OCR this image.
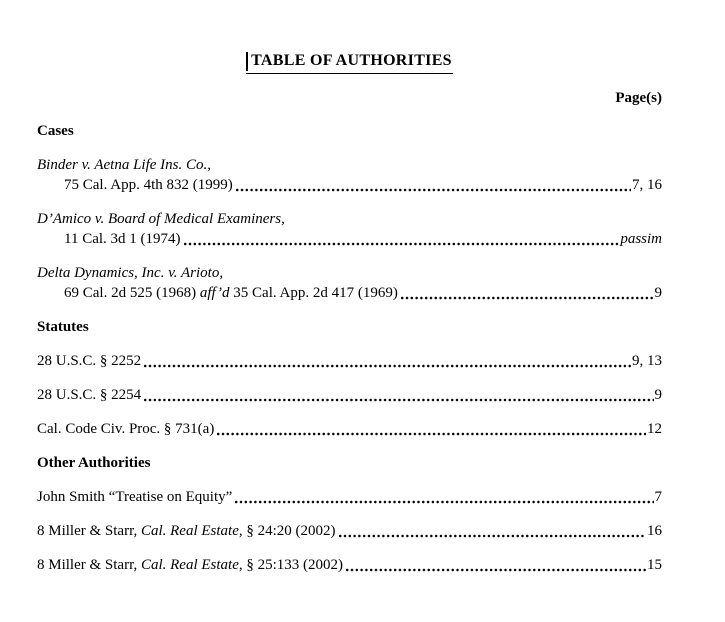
TABLE OF AUTHORITIES
Page(s)
Cases
Binder v. Aetna Life Ins. Co.,
75 Cal. App. 4th 832 (1999)	7, 16
D’Amico v. Board of Medical Examiners,
11 Cal. 3d 1 (1974)	passim
Delta Dynamics, Inc. v. Arioto,
69 Cal. 2d 525 (1968) aff’d 35 Cal. App. 2d 417 (1969)	9
Statutes
28 U.S.C. § 2252	9, 13
28 U.S.C. § 2254	9
Cal. Code Civ. Proc. § 731(a)	12
Other Authorities
John Smith “Treatise on Equity”	7
8 Miller & Starr, Cal. Real Estate, § 24:20 (2002)	16
8 Miller & Starr, Cal. Real Estate, § 25:133 (2002)	15
